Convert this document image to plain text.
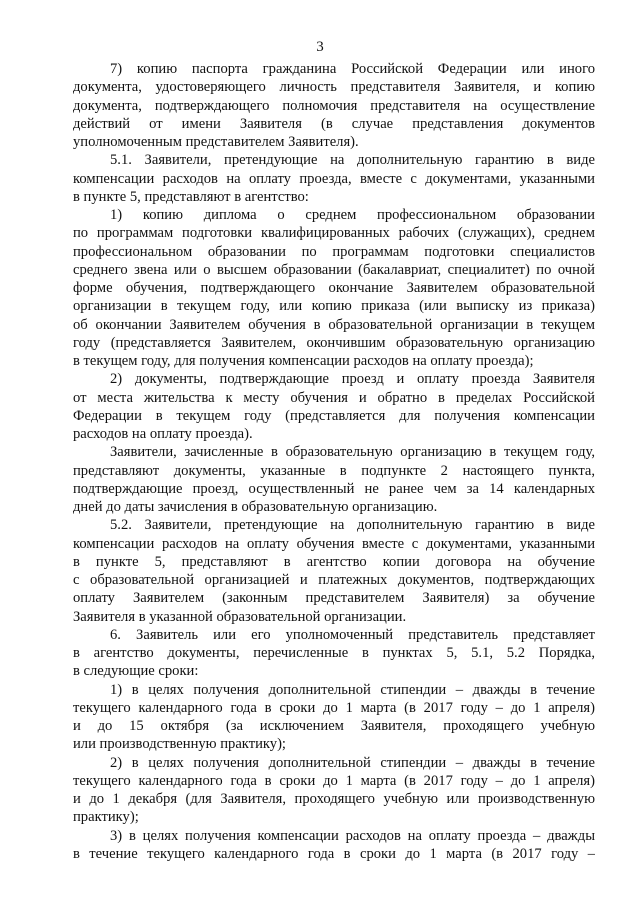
3
7) копию паспорта гражданина Российской Федерации или иного
документа, удостоверяющего личность представителя Заявителя, и копию
документа, подтверждающего полномочия представителя на осуществление
действий от имени Заявителя (в случае представления документов
уполномоченным представителем Заявителя).
5.1. Заявители, претендующие на дополнительную гарантию в виде
компенсации расходов на оплату проезда, вместе с документами, указанными
в пункте 5, представляют в агентство:
1) копию диплома о среднем профессиональном образовании
по программам подготовки квалифицированных рабочих (служащих), среднем
профессиональном образовании по программам подготовки специалистов
среднего звена или о высшем образовании (бакалавриат, специалитет) по очной
форме обучения, подтверждающего окончание Заявителем образовательной
организации в текущем году, или копию приказа (или выписку из приказа)
об окончании Заявителем обучения в образовательной организации в текущем
году (представляется Заявителем, окончившим образовательную организацию
в текущем году, для получения компенсации расходов на оплату проезда);
2) документы, подтверждающие проезд и оплату проезда Заявителя
от места жительства к месту обучения и обратно в пределах Российской
Федерации в текущем году (представляется для получения компенсации
расходов на оплату проезда).
Заявители, зачисленные в образовательную организацию в текущем году,
представляют документы, указанные в подпункте 2 настоящего пункта,
подтверждающие проезд, осуществленный не ранее чем за 14 календарных
дней до даты зачисления в образовательную организацию.
5.2. Заявители, претендующие на дополнительную гарантию в виде
компенсации расходов на оплату обучения вместе с документами, указанными
в пункте 5, представляют в агентство копии договора на обучение
с образовательной организацией и платежных документов, подтверждающих
оплату Заявителем (законным представителем Заявителя) за обучение
Заявителя в указанной образовательной организации.
6. Заявитель или его уполномоченный представитель представляет
в агентство документы, перечисленные в пунктах 5, 5.1, 5.2 Порядка,
в следующие сроки:
1) в целях получения дополнительной стипендии – дважды в течение
текущего календарного года в сроки до 1 марта (в 2017 году – до 1 апреля)
и до 15 октября (за исключением Заявителя, проходящего учебную
или производственную практику);
2) в целях получения дополнительной стипендии – дважды в течение
текущего календарного года в сроки до 1 марта (в 2017 году – до 1 апреля)
и до 1 декабря (для Заявителя, проходящего учебную или производственную
практику);
3) в целях получения компенсации расходов на оплату проезда – дважды
в течение текущего календарного года в сроки до 1 марта (в 2017 году –
